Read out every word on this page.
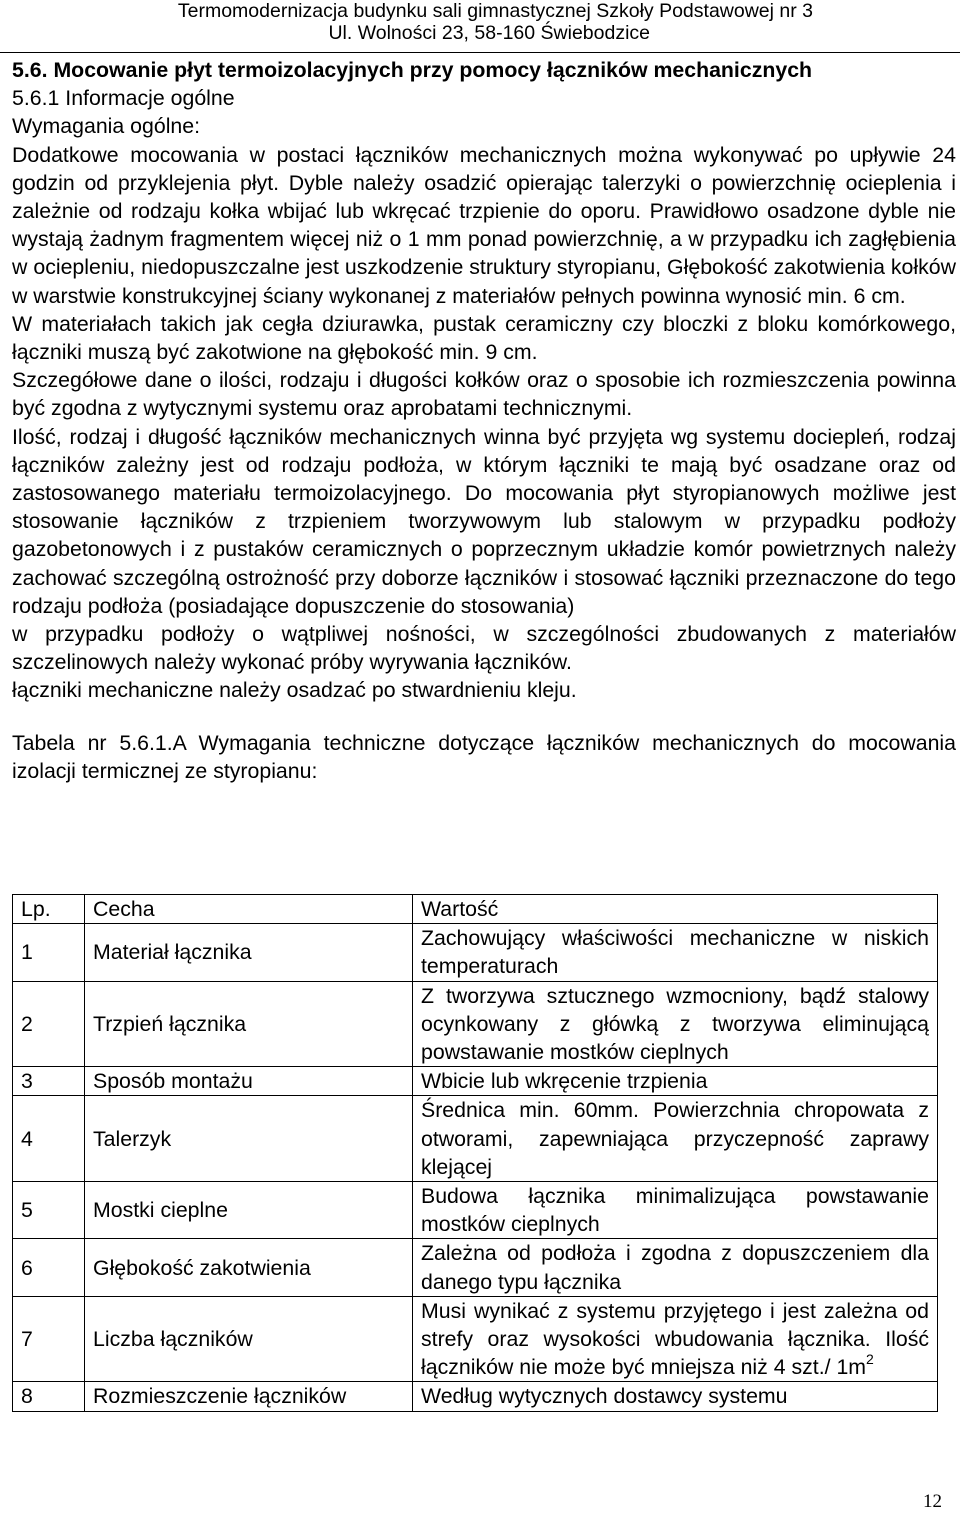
Termomodernizacja budynku sali gimnastycznej Szkoły Podstawowej nr 3
Ul. Wolności 23, 58-160 Świebodzice

5.6. Mocowanie płyt termoizolacyjnych przy pomocy łączników mechanicznych

5.6.1 Informacje ogólne

Wymagania ogólne:

Dodatkowe mocowania w postaci łączników mechanicznych można wykonywać po upływie 24 godzin od przyklejenia płyt. Dyble należy osadzić opierając talerzyki o powierzchnię ocieplenia i zależnie od rodzaju kołka wbijać lub wkręcać trzpienie do oporu. Prawidłowo osadzone dyble nie wystają żadnym fragmentem więcej niż o 1 mm ponad powierzchnię, a w przypadku ich zagłębienia w ociepleniu, niedopuszczalne jest uszkodzenie struktury styropianu, Głębokość zakotwienia kołków w warstwie konstrukcyjnej ściany wykonanej z materiałów pełnych powinna wynosić min. 6 cm.

W materiałach takich jak cegła dziurawka, pustak ceramiczny czy bloczki z bloku komórkowego, łączniki muszą być zakotwione na głębokość min. 9 cm.

Szczegółowe dane o ilości, rodzaju i długości kołków oraz o sposobie ich rozmieszczenia powinna być zgodna z wytycznymi systemu oraz aprobatami technicznymi.

Ilość, rodzaj i długość łączników mechanicznych winna być przyjęta wg systemu dociepleń, rodzaj łączników zależny jest od rodzaju podłoża, w którym łączniki te mają być osadzane oraz od zastosowanego materiału termoizolacyjnego. Do mocowania płyt styropianowych możliwe jest stosowanie łączników z trzpieniem tworzywowym lub stalowym w przypadku podłoży gazobetonowych i z pustaków ceramicznych o poprzecznym układzie komór powietrznych należy zachować szczególną ostrożność przy doborze łączników i stosować łączniki przeznaczone do tego rodzaju podłoża (posiadające dopuszczenie do stosowania)

w przypadku podłoży o wątpliwej nośności, w szczególności zbudowanych z materiałów szczelinowych należy wykonać próby wyrywania łączników.

łączniki mechaniczne należy osadzać po stwardnieniu kleju.

Tabela nr 5.6.1.A Wymagania techniczne dotyczące łączników mechanicznych do mocowania izolacji termicznej ze styropianu:

Lp.	Cecha	Wartość
1	Materiał łącznika	Zachowujący właściwości mechaniczne w niskich temperaturach
2	Trzpień łącznika	Z tworzywa sztucznego wzmocniony, bądź stalowy ocynkowany z główką z tworzywa eliminującą powstawanie mostków cieplnych
3	Sposób montażu	Wbicie lub wkręcenie trzpienia
4	Talerzyk	Średnica min. 60mm. Powierzchnia chropowata z otworami, zapewniająca przyczepność zaprawy klejącej
5	Mostki cieplne	Budowa łącznika minimalizująca powstawanie mostków cieplnych
6	Głębokość zakotwienia	Zależna od podłoża i zgodna z dopuszczeniem dla danego typu łącznika
7	Liczba łączników	Musi wynikać z systemu przyjętego i jest zależna od strefy oraz wysokości wbudowania łącznika. Ilość łączników nie może być mniejsza niż 4 szt./ $1m^2$
8	Rozmieszczenie łączników	Według wytycznych dostawcy systemu
12
